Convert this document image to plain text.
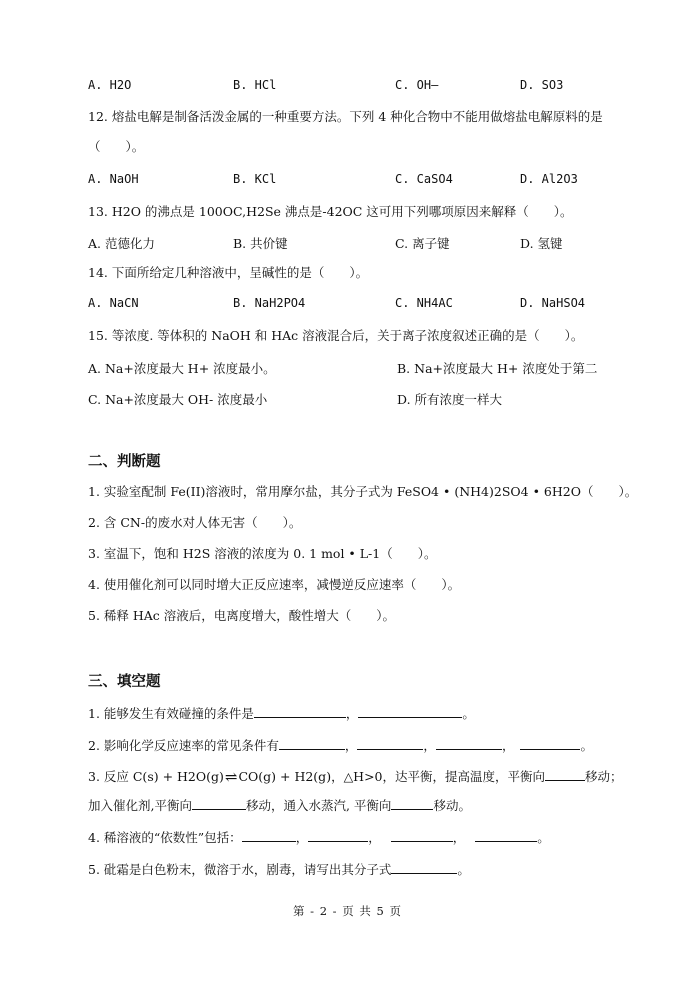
A. H2O	B. HCl	C. OH—	D. SO3
12. 熔盐电解是制备活泼金属的一种重要方法。下列 4 种化合物中不能用做熔盐电解原料的是
（　　）。
A. NaOH	B. KCl	C. CaSO4	D. Al2O3
13. H2O 的沸点是 100OC,H2Se 沸点是-42OC 这可用下列哪项原因来解释（　　）。
A. 范德化力	B. 共价键	C. 离子键	D. 氢键
14. 下面所给定几种溶液中，呈碱性的是（　　）。
A. NaCN	B. NaH2PO4	C. NH4AC	D. NaHSO4
15. 等浓度. 等体积的 NaOH 和 HAc 溶液混合后，关于离子浓度叙述正确的是（　　）。
A. Na+浓度最大 H+ 浓度最小。	B. Na+浓度最大 H+ 浓度处于第二
C. Na+浓度最大 OH- 浓度最小	D. 所有浓度一样大
二、判断题
1. 实验室配制 Fe(II)溶液时，常用摩尔盐，其分子式为 FeSO4 • (NH4)2SO4 • 6H2O（　　）。
2. 含 CN-的废水对人体无害（　　）。
3. 室温下，饱和 H2S 溶液的浓度为 0. 1 mol • L-1（　　）。
4. 使用催化剂可以同时增大正反应速率，减慢逆反应速率（　　）。
5. 稀释 HAc 溶液后，电离度增大，酸性增大（　　）。
三、填空题
1. 能够发生有效碰撞的条件是	，	。
2. 影响化学反应速率的常见条件有	，	，	，	。
3. 反应 C(s) + H2O(g)⇌CO(g) + H2(g)，△H>0，达平衡，提高温度，平衡向	移动；
加入催化剂,平衡向	移动，通入水蒸汽, 平衡向	移动。
4. 稀溶液的“依数性”包括：	，	，	，	。
5. 砒霜是白色粉末，微溶于水，剧毒，请写出其分子式	。
第 - 2 - 页 共 5 页
